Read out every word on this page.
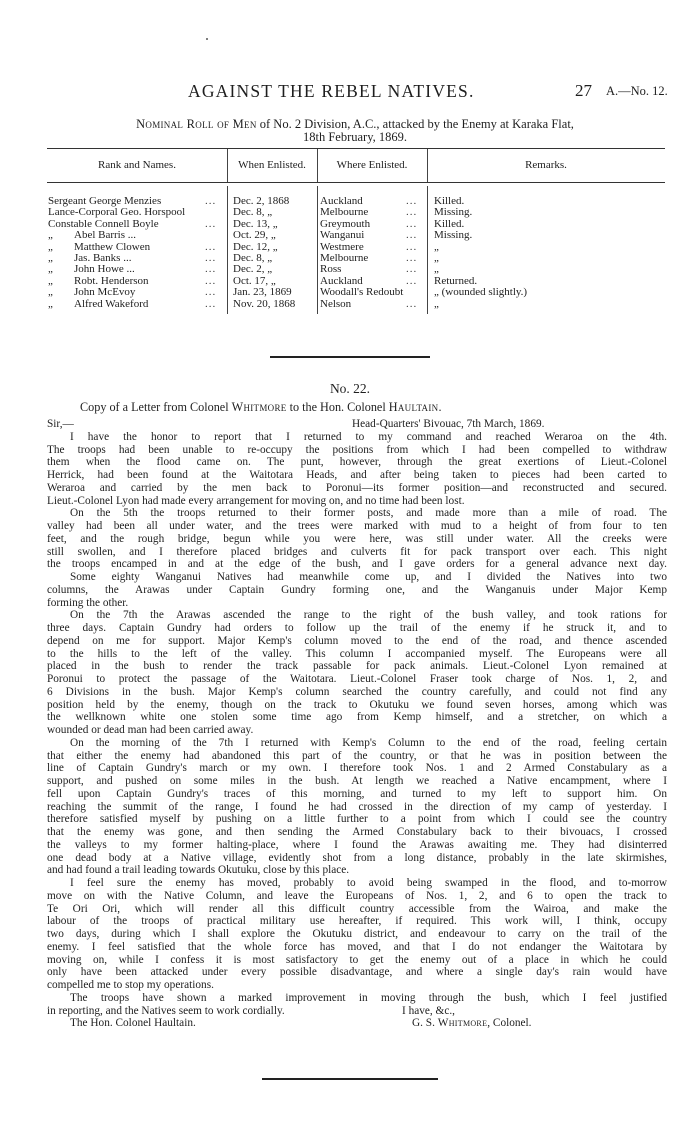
AGAINST THE REBEL NATIVES.	27 A.—No. 12.
Nominal Roll of Men of No. 2 Division, A.C., attacked by the Enemy at Karaka Flat,
18th February, 1869.
Rank and Names.	When Enlisted.	Where Enlisted.	Remarks.
Sergeant George Menzies	... Dec. 2, 1868	Auckland	... Killed.
Lance-Corporal Geo. Horspool	Dec. 8, „	Melbourne	... Missing.
Constable Connell Boyle	... Dec. 13, „	Greymouth	... Killed.
„ Abel Barris ...	Oct. 29, „	Wanganui	... Missing.
„ Matthew Clowen	... Dec. 12, „	Westmere	... „
„ Jas. Banks ...	... Dec. 8, „	Melbourne	... „
„ John Howe ...	... Dec. 2, „	Ross	... „
„ Robt. Henderson	... Oct. 17, „	Auckland	... Returned.
„ John McEvoy	... Jan. 23, 1869	Woodall's Redoubt	„ (wounded slightly.)
„ Alfred Wakeford	... Nov. 20, 1868 Nelson	... „
No. 22.
Copy of a Letter from Colonel Whitmore to the Hon. Colonel Haultain.
Sir,—	Head-Quarters' Bivouac, 7th March, 1869.
I have the honor to report that I returned to my command and reached Weraroa on the 4th.
The troops had been unable to re-occupy the positions from which I had been compelled to withdraw
them when the flood came on. The punt, however, through the great exertions of Lieut.-Colonel
Herrick, had been found at the Waitotara Heads, and after being taken to pieces had been carted to
Weraroa and carried by the men back to Poronui—its former position—and reconstructed and secured.
Lieut.-Colonel Lyon had made every arrangement for moving on, and no time had been lost.
On the 5th the troops returned to their former posts, and made more than a mile of road. The
valley had been all under water, and the trees were marked with mud to a height of from four to ten
feet, and the rough bridge, begun while you were here, was still under water. All the creeks were
still swollen, and I therefore placed bridges and culverts fit for pack transport over each. This night
the troops encamped in and at the edge of the bush, and I gave orders for a general advance next day.
Some eighty Wanganui Natives had meanwhile come up, and I divided the Natives into two
columns, the Arawas under Captain Gundry forming one, and the Wanganuis under Major Kemp
forming the other.
On the 7th the Arawas ascended the range to the right of the bush valley, and took rations for
three days. Captain Gundry had orders to follow up the trail of the enemy if he struck it, and to
depend on me for support. Major Kemp's column moved to the end of the road, and thence ascended
to the hills to the left of the valley. This column I accompanied myself. The Europeans were all
placed in the bush to render the track passable for pack animals. Lieut.-Colonel Lyon remained at
Poronui to protect the passage of the Waitotara. Lieut.-Colonel Fraser took charge of Nos. 1, 2, and
6 Divisions in the bush. Major Kemp's column searched the country carefully, and could not find any
position held by the enemy, though on the track to Okutuku we found seven horses, among which was
the wellknown white one stolen some time ago from Kemp himself, and a stretcher, on which a
wounded or dead man had been carried away.
On the morning of the 7th I returned with Kemp's Column to the end of the road, feeling certain
that either the enemy had abandoned this part of the country, or that he was in position between the
line of Captain Gundry's march or my own. I therefore took Nos. 1 and 2 Armed Constabulary as a
support, and pushed on some miles in the bush. At length we reached a Native encampment, where I
fell upon Captain Gundry's traces of this morning, and turned to my left to support him. On
reaching the summit of the range, I found he had crossed in the direction of my camp of yesterday. I
therefore satisfied myself by pushing on a little further to a point from which I could see the country
that the enemy was gone, and then sending the Armed Constabulary back to their bivouacs, I crossed
the valleys to my former halting-place, where I found the Arawas awaiting me. They had disinterred
one dead body at a Native village, evidently shot from a long distance, probably in the late skirmishes,
and had found a trail leading towards Okutuku, close by this place.
I feel sure the enemy has moved, probably to avoid being swamped in the flood, and to-morrow
move on with the Native Column, and leave the Europeans of Nos. 1, 2, and 6 to open the track to
Te Ori Ori, which will render all this difficult country accessible from the Wairoa, and make the
labour of the troops of practical military use hereafter, if required. This work will, I think, occupy
two days, during which I shall explore the Okutuku district, and endeavour to carry on the trail of the
enemy. I feel satisfied that the whole force has moved, and that I do not endanger the Waitotara by
moving on, while I confess it is most satisfactory to get the enemy out of a place in which he could
only have been attacked under every possible disadvantage, and where a single day's rain would have
compelled me to stop my operations.
The troops have shown a marked improvement in moving through the bush, which I feel justified
in reporting, and the Natives seem to work cordially.	I have, &c.,
The Hon. Colonel Haultain.	G. S. Whitmore, Colonel.
